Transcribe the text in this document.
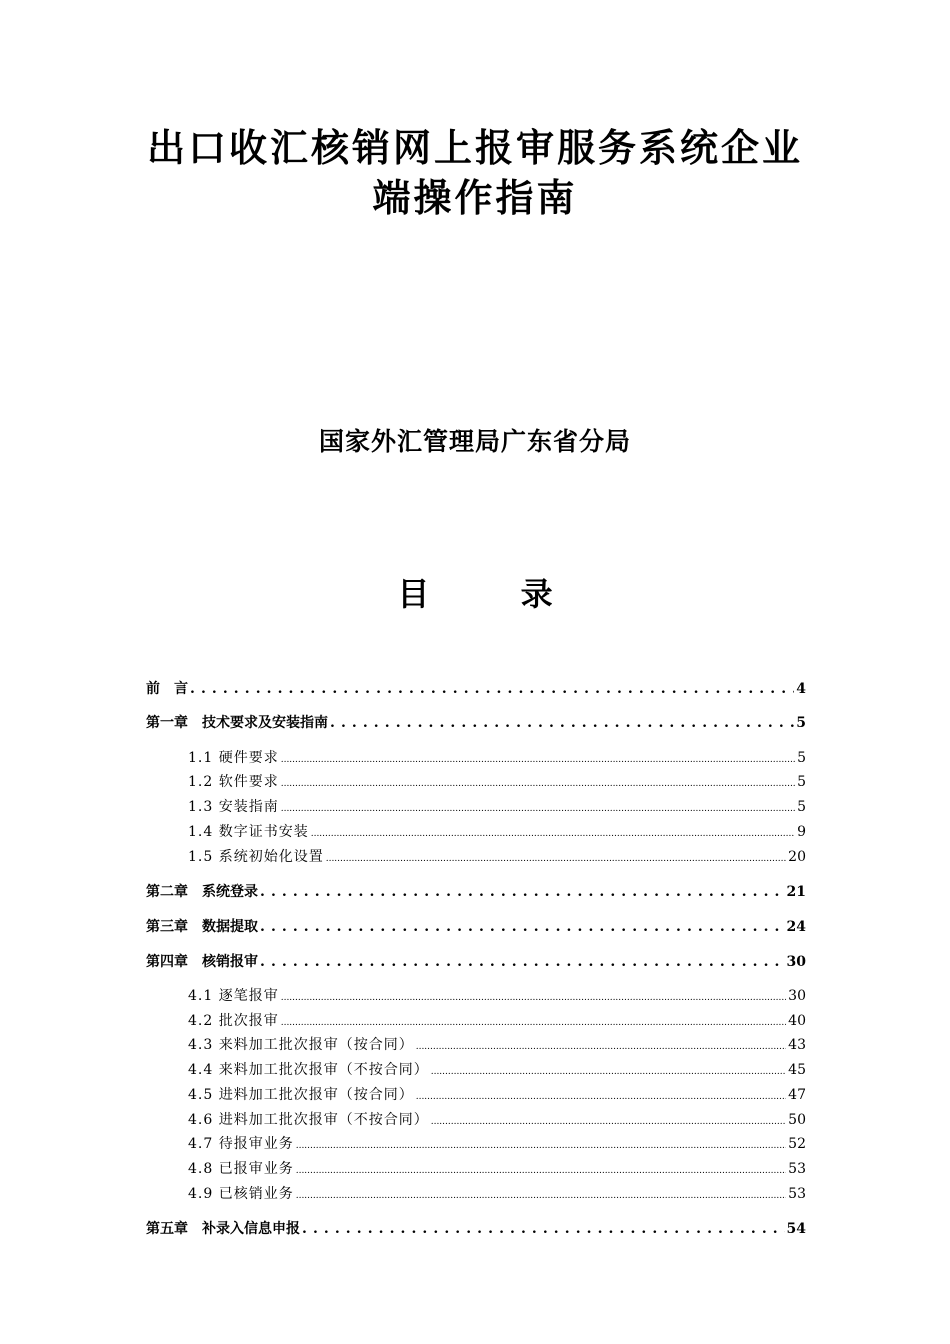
出口收汇核销网上报审服务系统企业
端操作指南
国家外汇管理局广东省分局
目 录
前　言 . . .	4
第一章　技术要求及安装指南 . . .	5
1.1 硬件要求 .....	5
1.2 软件要求 .....	5
1.3 安装指南 .....	5
1.4 数字证书安装 .....	9
1.5 系统初始化设置 .....	20
第二章　系统登录 . . .	21
第三章　数据提取 . . .	24
第四章　核销报审 . . .	30
4.1 逐笔报审 .....	30
4.2 批次报审 .....	40
4.3 来料加工批次报审（按合同） .....	43
4.4 来料加工批次报审（不按合同） .....	45
4.5 进料加工批次报审（按合同） .....	47
4.6 进料加工批次报审（不按合同） .....	50
4.7 待报审业务 .....	52
4.8 已报审业务 .....	53
4.9 已核销业务 .....	53
第五章　补录入信息申报 . . .	54
